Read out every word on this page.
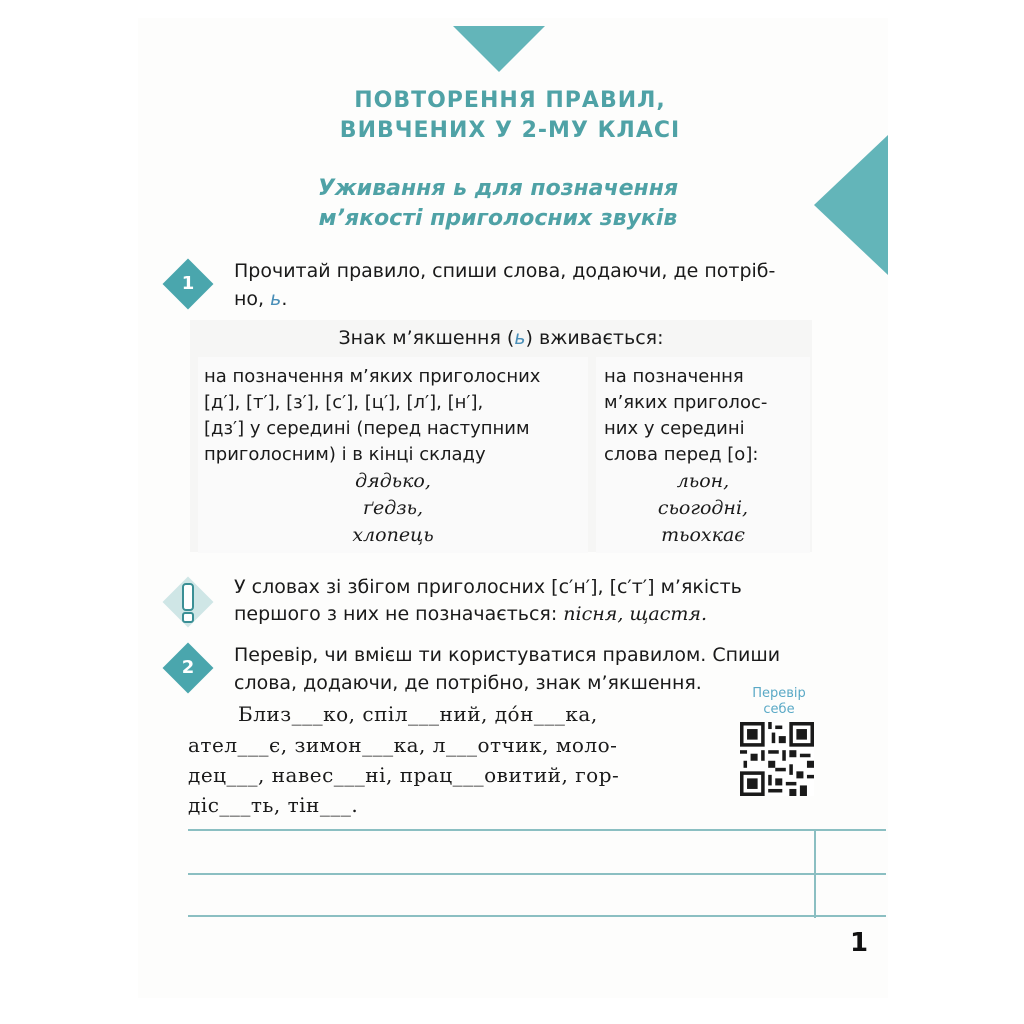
ПОВТОРЕННЯ ПРАВИЛ,
ВИВЧЕНИХ У 2-МУ КЛАСІ
Уживання ь для позначення
м’якості приголосних звуків
1
Прочитай правило, спиши слова, додаючи, де потріб-
но, ь.
Знак м’якшення (ь) вживається:
на позначення м’яких приголосних
[д′], [т′], [з′], [с′], [ц′], [л′], [н′],
[дз′] у середині (перед наступним
приголосним) і в кінці складу
дядько,
ґедзь,
хлопець
на позначення
м’яких приголос-
них у середині
слова перед [о]:
льон,
сьогодні,
тьохкає
У словах зі збігом приголосних [с′н′], [с′т′] м’якість
першого з них не позначається: пісня, щастя.
2
Перевір, чи вмієш ти користуватися правилом. Спиши
слова, додаючи, де потрібно, знак м’якшення.
Близ___ко, спіл___ний, до́н___ка,
ател___є, зимон___ка, л___отчик, моло-
дец___, навес___ні, прац___овитий, гор-
діс___ть, тін___.
Перевір
себе
1
